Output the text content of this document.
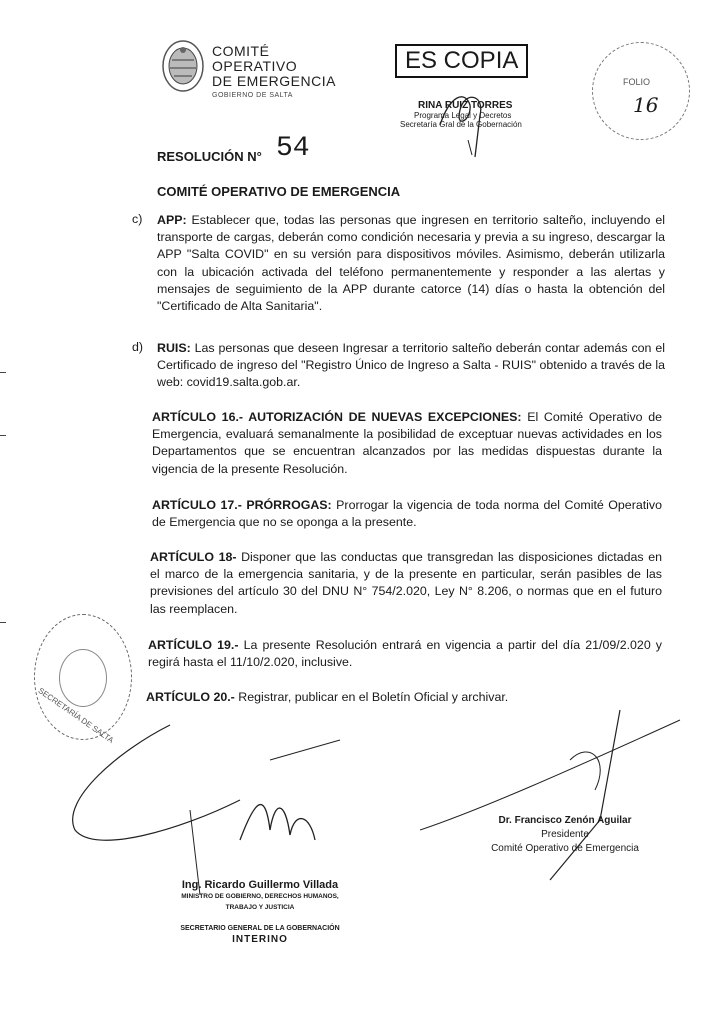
COMITÉ
OPERATIVO
DE EMERGENCIA
GOBIERNO DE SALTA
ES COPIA
RINA RUIZ TORRES
Programa Legal y Decretos
Secretaría Gral de la Gobernación
FOLIO
16
RESOLUCIÓN N° 54
COMITÉ OPERATIVO DE EMERGENCIA
c) APP: Establecer que, todas las personas que ingresen en territorio salteño, incluyendo el transporte de cargas, deberán como condición necesaria y previa a su ingreso, descargar la APP "Salta COVID" en su versión para dispositivos móviles. Asimismo, deberán utilizarla con la ubicación activada del teléfono permanentemente y responder a las alertas y mensajes de seguimiento de la APP durante catorce (14) días o hasta la obtención del "Certificado de Alta Sanitaria".
d) RUIS: Las personas que deseen Ingresar a territorio salteño deberán contar además con el Certificado de ingreso del "Registro Único de Ingreso a Salta - RUIS" obtenido a través de la web: covid19.salta.gob.ar.
ARTÍCULO 16.- AUTORIZACIÓN DE NUEVAS EXCEPCIONES: El Comité Operativo de Emergencia, evaluará semanalmente la posibilidad de exceptuar nuevas actividades en los Departamentos que se encuentran alcanzados por las medidas dispuestas durante la vigencia de la presente Resolución.
ARTÍCULO 17.- PRÓRROGAS: Prorrogar la vigencia de toda norma del Comité Operativo de Emergencia que no se oponga a la presente.
ARTÍCULO 18- Disponer que las conductas que transgredan las disposiciones dictadas en el marco de la emergencia sanitaria, y de la presente en particular, serán pasibles de las previsiones del artículo 30 del DNU N° 754/2.020, Ley N° 8.206, o normas que en el futuro las reemplacen.
ARTÍCULO 19.- La presente Resolución entrará en vigencia a partir del día 21/09/2.020 y regirá hasta el 11/10/2.020, inclusive.
ARTÍCULO 20.- Registrar, publicar en el Boletín Oficial y archivar.
SECRETARÍA DE SALTA
Dr. Francisco Zenón Aguilar
Presidente
Comité Operativo de Emergencia
Ing. Ricardo Guillermo Villada
MINISTRO DE GOBIERNO, DERECHOS HUMANOS,
TRABAJO Y JUSTICIA
SECRETARIO GENERAL DE LA GOBERNACIÓN
INTERINO
